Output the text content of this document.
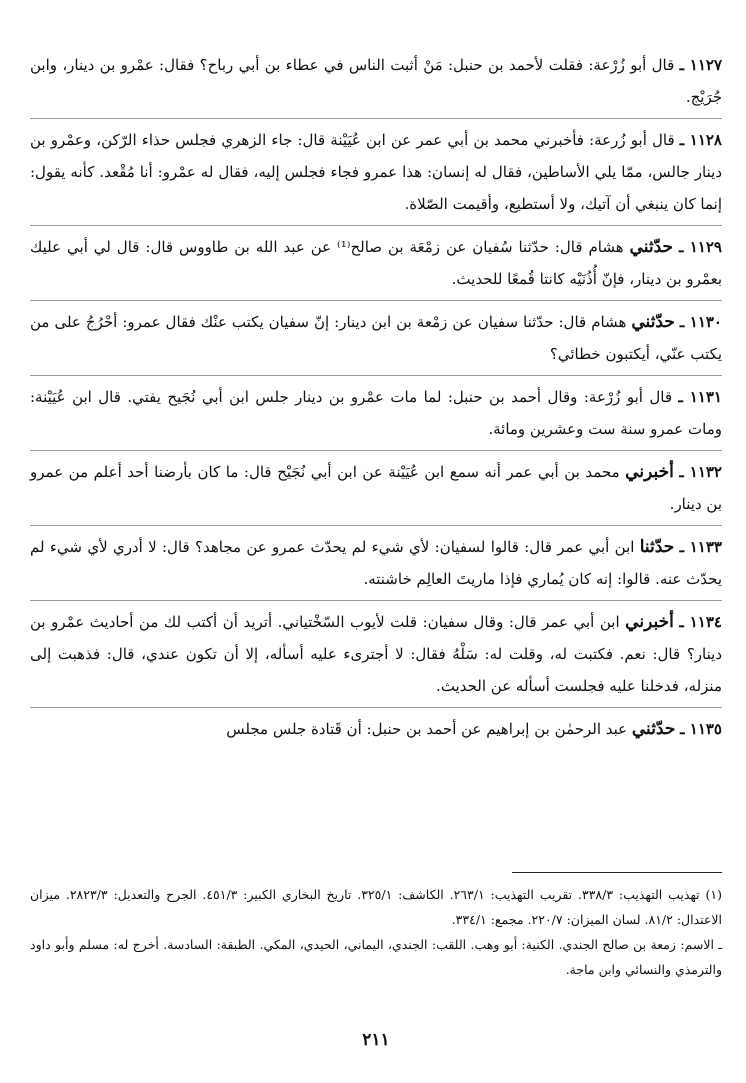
١١٢٧ ـ قال أبو زُرْعة: فقلت لأحمد بن حنبل: مَنْ أثبت الناس في عطاء بن أبي رباح؟ فقال: عمْرو بن دينار، وابن جُرَيْج.

١١٢٨ ـ قال أبو زُرعة: فأخبرني محمد بن أبي عمر عن ابن عُيَيْنة قال: جاء الزهري فجلس حذاء الرّكن، وعمْرو بن دينار جالس، ممّا يلي الأساطين، فقال له إنسان: هذا عمرو فجاء فجلس إليه، فقال له عمْرو: أنا مُقْعد. كأنه يقول: إنما كان ينبغي أن آتيك، ولا أستطيع، وأقيمت الصّلاة.

١١٢٩ ـ حدّثني هشام قال: حدّثنا سُفيان عن زمْعَة بن صالح⁽¹⁾ عن عبد الله بن طاووس قال: قال لي أبي عليك بعمْرو بن دينار، فإنّ أُذُنَيْه كانتا قُمعًا للحديث.

١١٣٠ ـ حدّثني هشام قال: حدّثنا سفيان عن زمْعة بن ابن دينار: إنّ سفيان يكتب عنْك فقال عمرو: أحْرُجُ على من يكتب عنّي، أيكتبون خطائي؟

١١٣١ ـ قال أبو زُرْعة: وقال أحمد بن حنبل: لما مات عمْرو بن دينار جلس ابن أبي نُجَيح يفتي. قال ابن عُيَيْنة: ومات عمرو سنة ست وعشرين ومائة.

١١٣٢ ـ أخبرني محمد بن أبي عمر أنه سمع ابن عُيَيْنة عن ابن أبي نُجَيْح قال: ما كان بأرضنا أحد أعلم من عمرو بن دينار.

١١٣٣ ـ حدّثنا ابن أبي عمر قال: قالوا لسفيان: لأي شيء لم يحدّث عمرو عن مجاهد؟ قال: لا أدري لأي شيء لم يحدّث عنه. قالوا: إنه كان يُماري فإذا ماريتَ العالِم خاشنته.

١١٣٤ ـ أخبرني ابن أبي عمر قال: وقال سفيان: قلت لأيوب السّخْتياني. أتريد أن أكتب لك من أحاديث عمْرو بن دينار؟ قال: نعم. فكتبت له، وقلت له: سَلْهُ فقال: لا أجترىء عليه أسأله، إلا أن تكون عندي، قال: فذهبت إلى منزله، فدخلنا عليه فجلست أسأله عن الحديث.

١١٣٥ ـ حدّثني عبد الرحمٰن بن إبراهيم عن أحمد بن حنبل: أن قَتادة جلس مجلس

(١) تهذيب التهذيب: ٣٣٨/٣. تقريب التهذيب: ٢٦٣/١. الكاشف: ٣٢٥/١. تاريخ البخاري الكبير: ٤٥١/٣. الجرح والتعديل: ٢٨٢٣/٣. ميزان الاعتدال: ٨١/٢. لسان الميزان: ٢٢٠/٧. مجمع: ٣٣٤/١.

ـ الاسم: زمعة بن صالح الجندي. الكنية: أبو وهب. اللقب: الجندي، اليماني، الحيدي، المكي. الطبقة: السادسة. أخرج له: مسلم وأبو داود والترمذي والنسائي وابن ماجة.

٢١١
